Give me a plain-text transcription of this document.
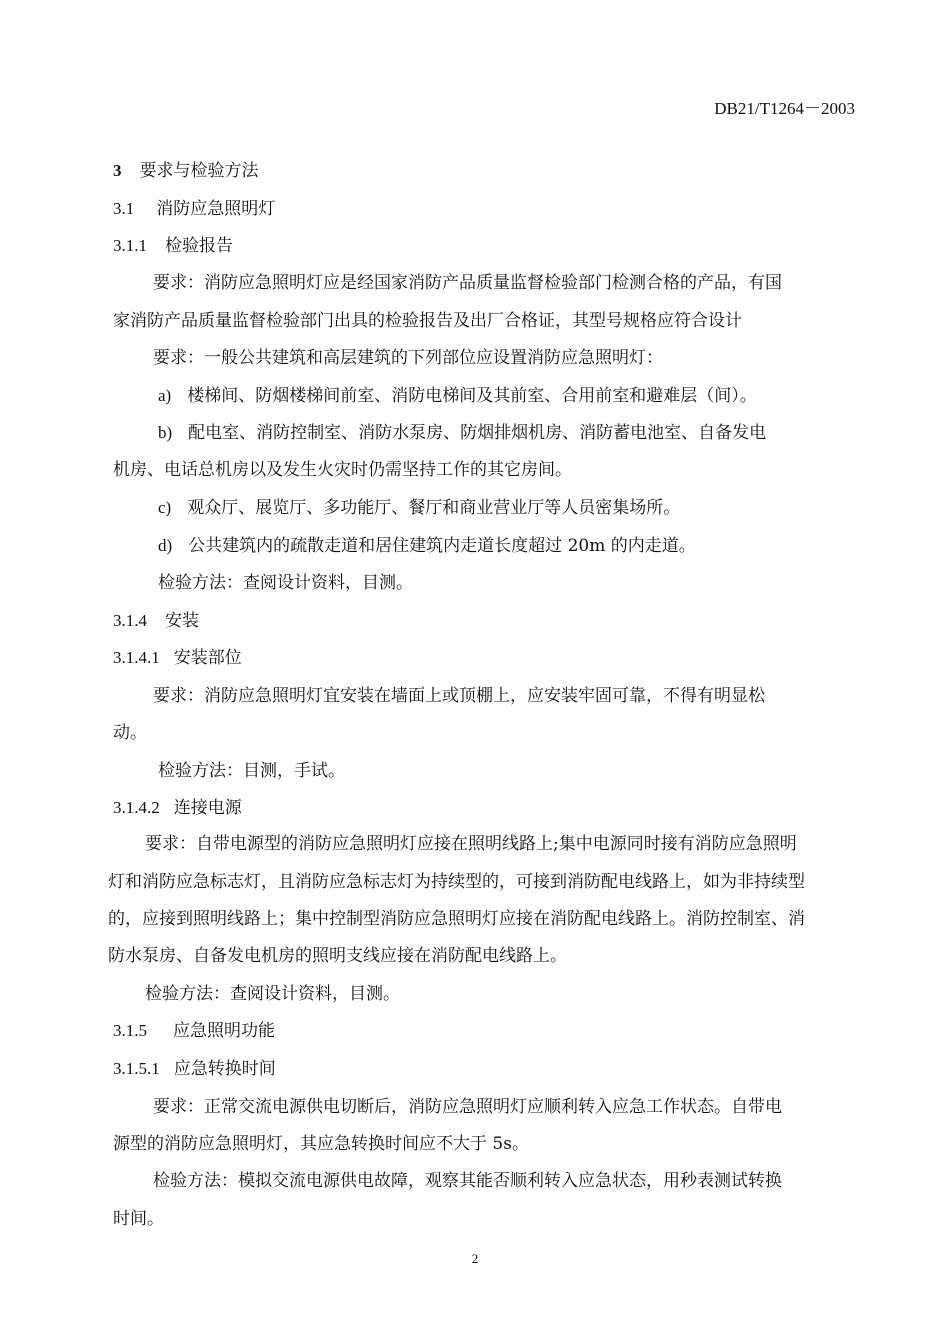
DB21/T1264－2003
3 要求与检验方法
3.1 消防应急照明灯
3.1.1 检验报告
要求：消防应急照明灯应是经国家消防产品质量监督检验部门检测合格的产品，有国
家消防产品质量监督检验部门出具的检验报告及出厂合格证，其型号规格应符合设计
要求：一般公共建筑和高层建筑的下列部位应设置消防应急照明灯：
a) 楼梯间、防烟楼梯间前室、消防电梯间及其前室、合用前室和避难层（间）。
b) 配电室、消防控制室、消防水泵房、防烟排烟机房、消防蓄电池室、自备发电
机房、电话总机房以及发生火灾时仍需坚持工作的其它房间。
c) 观众厅、展览厅、多功能厅、餐厅和商业营业厅等人员密集场所。
d) 公共建筑内的疏散走道和居住建筑内走道长度超过 20m 的内走道。
检验方法：查阅设计资料，目测。
3.1.4 安装
3.1.4.1 安装部位
要求：消防应急照明灯宜安装在墙面上或顶棚上，应安装牢固可靠，不得有明显松
动。
检验方法：目测，手试。
3.1.4.2 连接电源
要求：自带电源型的消防应急照明灯应接在照明线路上;集中电源同时接有消防应急照明
灯和消防应急标志灯，且消防应急标志灯为持续型的，可接到消防配电线路上，如为非持续型
的，应接到照明线路上；集中控制型消防应急照明灯应接在消防配电线路上。消防控制室、消
防水泵房、自备发电机房的照明支线应接在消防配电线路上。
检验方法：查阅设计资料，目测。
3.1.5 应急照明功能
3.1.5.1 应急转换时间
要求：正常交流电源供电切断后，消防应急照明灯应顺利转入应急工作状态。自带电
源型的消防应急照明灯，其应急转换时间应不大于 5s。
检验方法：模拟交流电源供电故障，观察其能否顺利转入应急状态，用秒表测试转换
时间。
2
